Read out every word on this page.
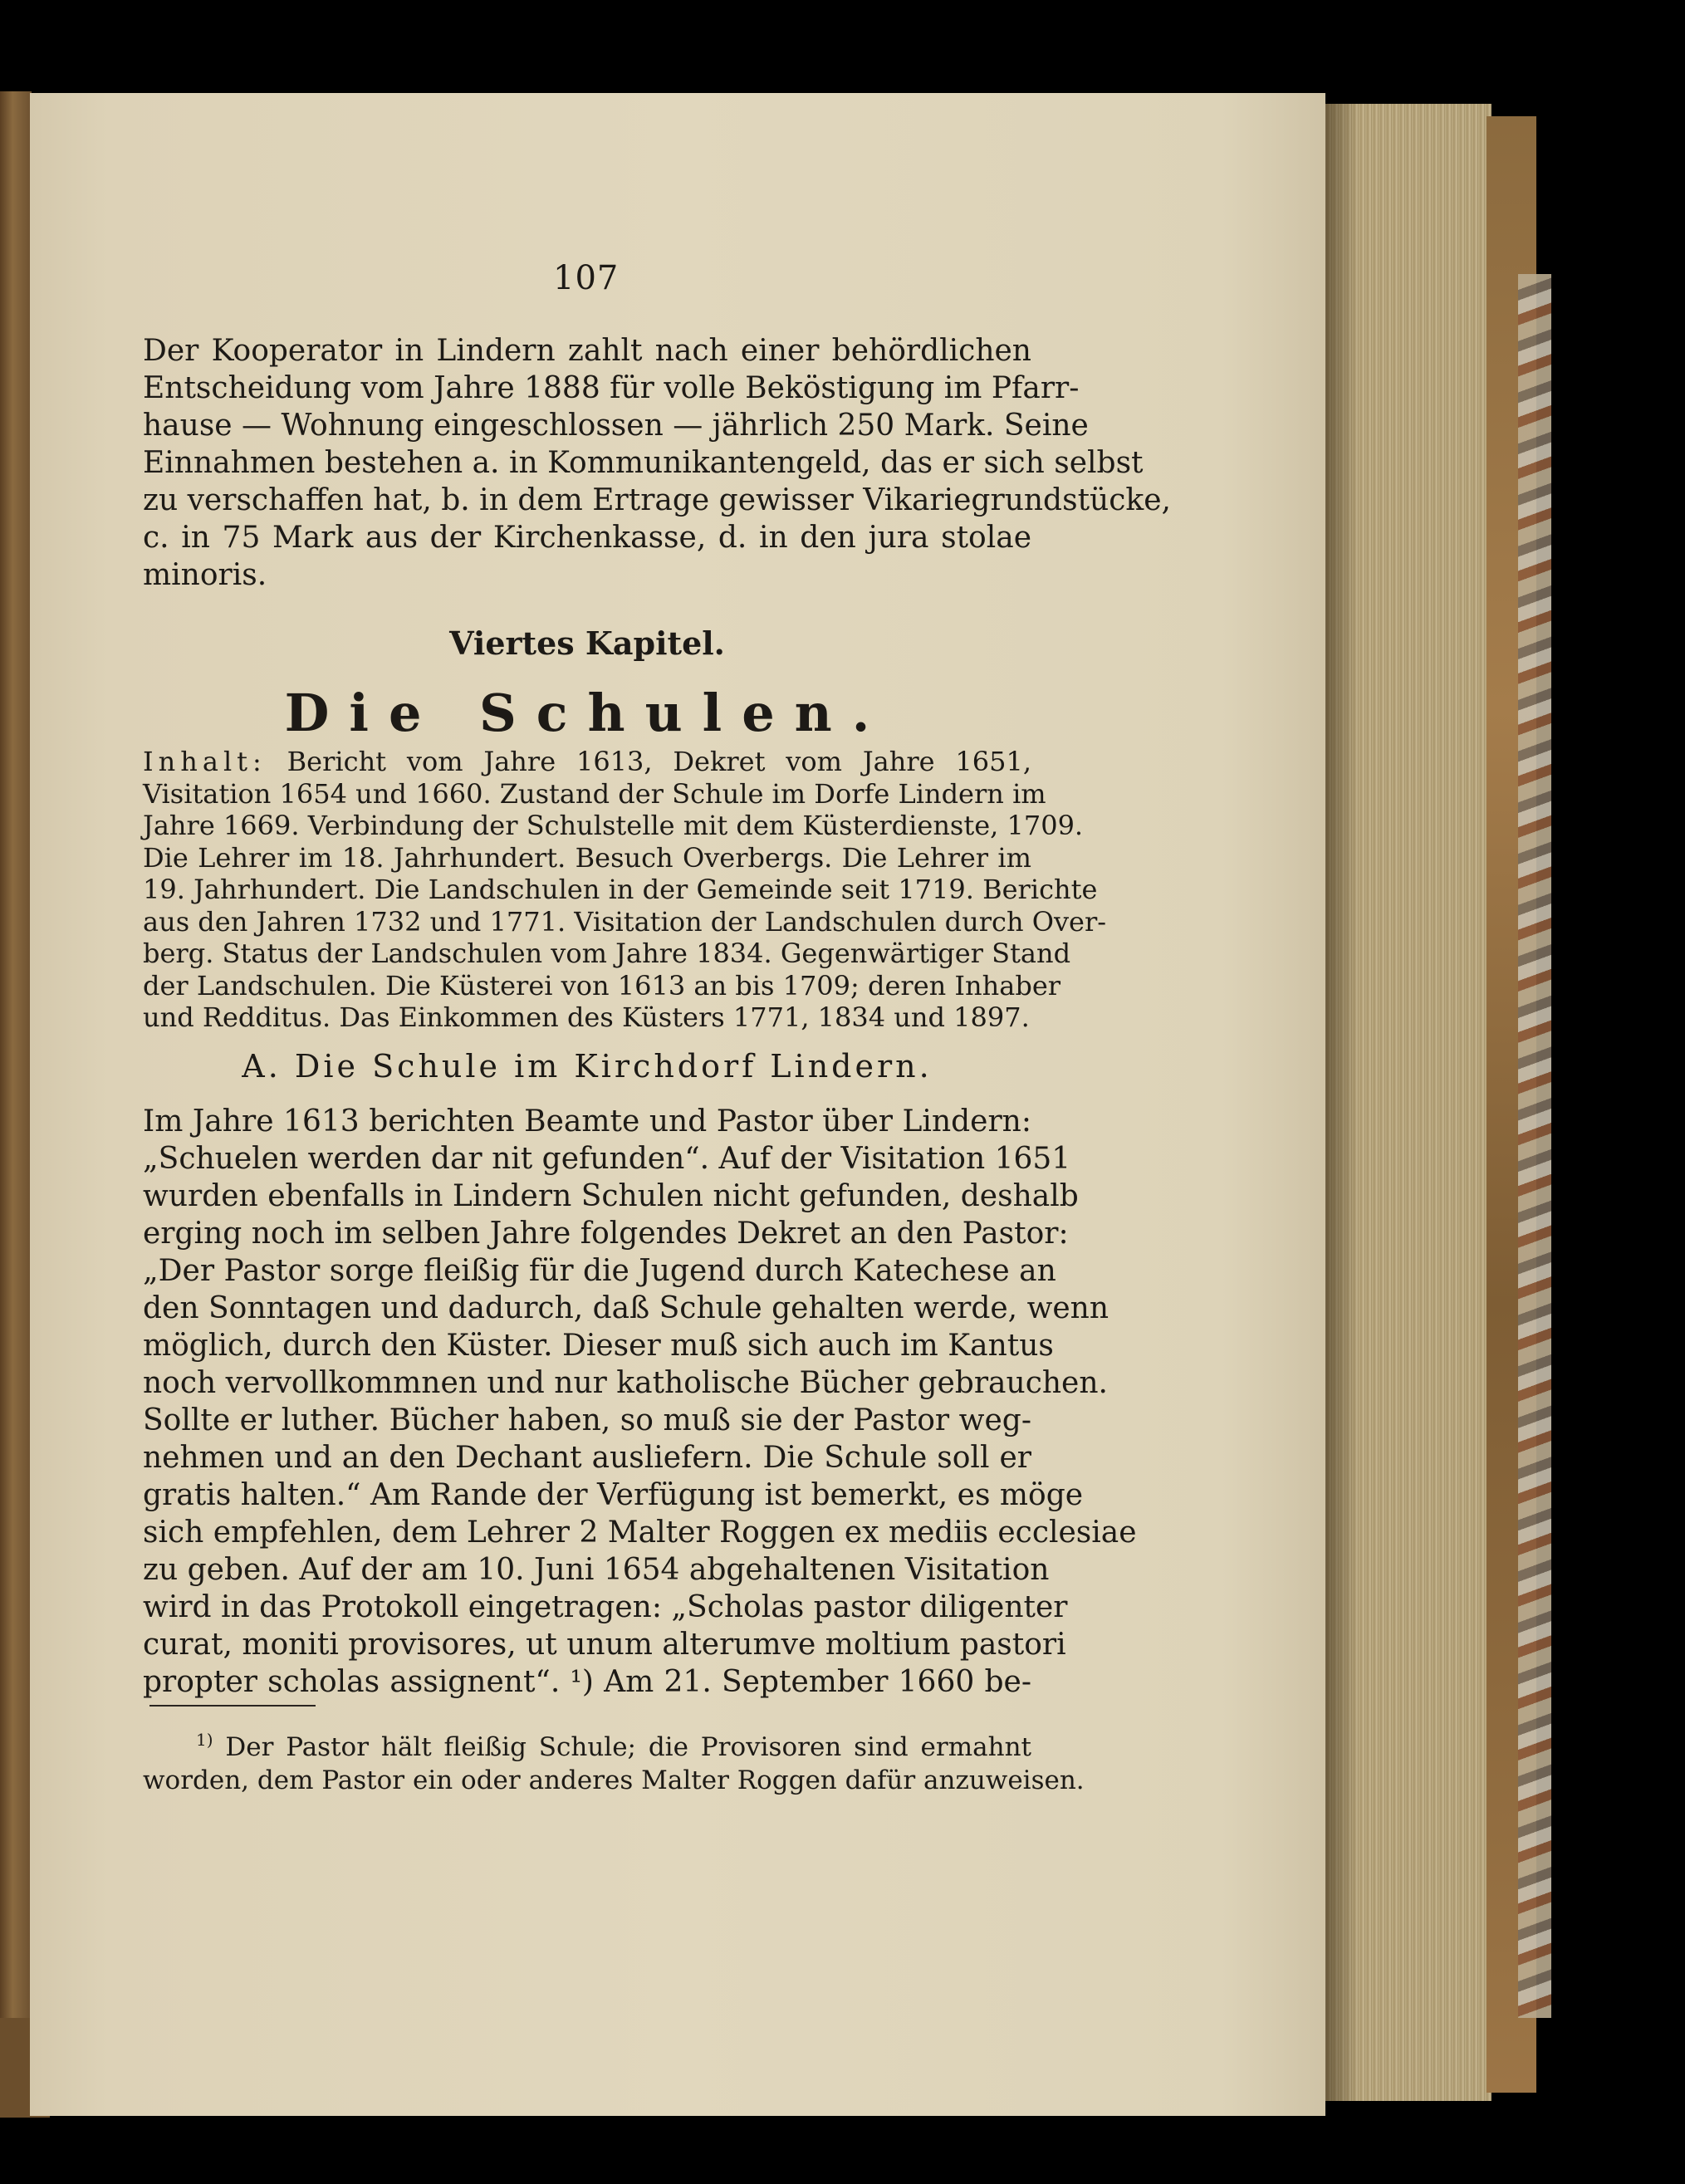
107
Der Kooperator in Lindern zahlt nach einer behördlichen
Entscheidung vom Jahre 1888 für volle Beköstigung im Pfarr-
hause — Wohnung eingeschlossen — jährlich 250 Mark. Seine
Einnahmen bestehen a. in Kommunikantengeld, das er sich selbst
zu verschaffen hat, b. in dem Ertrage gewisser Vikariegrundstücke,
c. in 75 Mark aus der Kirchenkasse, d. in den jura stolae
minoris.
Viertes Kapitel.
Die Schulen.
Inhalt: Bericht vom Jahre 1613, Dekret vom Jahre 1651,
Visitation 1654 und 1660. Zustand der Schule im Dorfe Lindern im
Jahre 1669. Verbindung der Schulstelle mit dem Küsterdienste, 1709.
Die Lehrer im 18. Jahrhundert. Besuch Overbergs. Die Lehrer im
19. Jahrhundert. Die Landschulen in der Gemeinde seit 1719. Berichte
aus den Jahren 1732 und 1771. Visitation der Landschulen durch Over-
berg. Status der Landschulen vom Jahre 1834. Gegenwärtiger Stand
der Landschulen. Die Küsterei von 1613 an bis 1709; deren Inhaber
und Redditus. Das Einkommen des Küsters 1771, 1834 und 1897.
A. Die Schule im Kirchdorf Lindern.
Im Jahre 1613 berichten Beamte und Pastor über Lindern:
„Schuelen werden dar nit gefunden“. Auf der Visitation 1651
wurden ebenfalls in Lindern Schulen nicht gefunden, deshalb
erging noch im selben Jahre folgendes Dekret an den Pastor:
„Der Pastor sorge fleißig für die Jugend durch Katechese an
den Sonntagen und dadurch, daß Schule gehalten werde, wenn
möglich, durch den Küster. Dieser muß sich auch im Kantus
noch vervollkommnen und nur katholische Bücher gebrauchen.
Sollte er luther. Bücher haben, so muß sie der Pastor weg-
nehmen und an den Dechant ausliefern. Die Schule soll er
gratis halten.“ Am Rande der Verfügung ist bemerkt, es möge
sich empfehlen, dem Lehrer 2 Malter Roggen ex mediis ecclesiae
zu geben. Auf der am 10. Juni 1654 abgehaltenen Visitation
wird in das Protokoll eingetragen: „Scholas pastor diligenter
curat, moniti provisores, ut unum alterumve moltium pastori
propter scholas assignent“. ¹) Am 21. September 1660 be-
$^{1)}$ Der Pastor hält fleißig Schule; die Provisoren sind ermahnt
worden, dem Pastor ein oder anderes Malter Roggen dafür anzuweisen.
